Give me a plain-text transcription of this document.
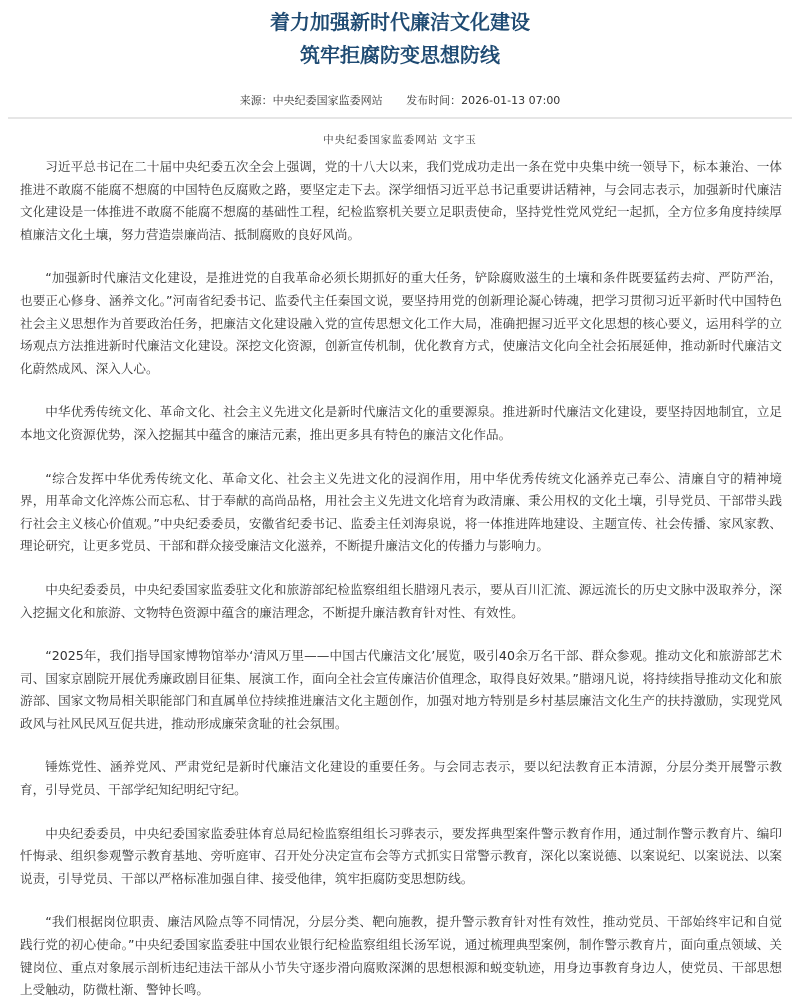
着力加强新时代廉洁文化建设
筑牢拒腐防变思想防线
来源：中央纪委国家监委网站 发布时间：2026-01-13 07:00
中央纪委国家监委网站 文宇玉

习近平总书记在二十届中央纪委五次全会上强调，党的十八大以来，我们党成功走出一条在党中央集中统一领导下，标本兼治、一体推进不敢腐不能腐不想腐的中国特色反腐败之路，要坚定走下去。深学细悟习近平总书记重要讲话精神，与会同志表示，加强新时代廉洁文化建设是一体推进不敢腐不能腐不想腐的基础性工程，纪检监察机关要立足职责使命，坚持党性党风党纪一起抓，全方位多角度持续厚植廉洁文化土壤，努力营造崇廉尚洁、抵制腐败的良好风尚。

“加强新时代廉洁文化建设，是推进党的自我革命必须长期抓好的重大任务，铲除腐败滋生的土壤和条件既要猛药去疴、严防严治，也要正心修身、涵养文化。”河南省纪委书记、监委代主任秦国文说，要坚持用党的创新理论凝心铸魂，把学习贯彻习近平新时代中国特色社会主义思想作为首要政治任务，把廉洁文化建设融入党的宣传思想文化工作大局，准确把握习近平文化思想的核心要义，运用科学的立场观点方法推进新时代廉洁文化建设。深挖文化资源，创新宣传机制，优化教育方式，使廉洁文化向全社会拓展延伸，推动新时代廉洁文化蔚然成风、深入人心。

中华优秀传统文化、革命文化、社会主义先进文化是新时代廉洁文化的重要源泉。推进新时代廉洁文化建设，要坚持因地制宜，立足本地文化资源优势，深入挖掘其中蕴含的廉洁元素，推出更多具有特色的廉洁文化作品。

“综合发挥中华优秀传统文化、革命文化、社会主义先进文化的浸润作用，用中华优秀传统文化涵养克己奉公、清廉自守的精神境界，用革命文化淬炼公而忘私、甘于奉献的高尚品格，用社会主义先进文化培育为政清廉、秉公用权的文化土壤，引导党员、干部带头践行社会主义核心价值观。”中央纪委委员，安徽省纪委书记、监委主任刘海泉说，将一体推进阵地建设、主题宣传、社会传播、家风家教、理论研究，让更多党员、干部和群众接受廉洁文化滋养，不断提升廉洁文化的传播力与影响力。

中央纪委委员，中央纪委国家监委驻文化和旅游部纪检监察组组长腊翊凡表示，要从百川汇流、源远流长的历史文脉中汲取养分，深入挖掘文化和旅游、文物特色资源中蕴含的廉洁理念，不断提升廉洁教育针对性、有效性。

“2025年，我们指导国家博物馆举办‘清风万里——中国古代廉洁文化’展览，吸引40余万名干部、群众参观。推动文化和旅游部艺术司、国家京剧院开展优秀廉政剧目征集、展演工作，面向全社会宣传廉洁价值理念，取得良好效果。”腊翊凡说，将持续指导推动文化和旅游部、国家文物局相关职能部门和直属单位持续推进廉洁文化主题创作，加强对地方特别是乡村基层廉洁文化生产的扶持激励，实现党风政风与社风民风互促共进，推动形成廉荣贪耻的社会氛围。

锤炼党性、涵养党风、严肃党纪是新时代廉洁文化建设的重要任务。与会同志表示，要以纪法教育正本清源，分层分类开展警示教育，引导党员、干部学纪知纪明纪守纪。

中央纪委委员，中央纪委国家监委驻体育总局纪检监察组组长习骅表示，要发挥典型案件警示教育作用，通过制作警示教育片、编印忏悔录、组织参观警示教育基地、旁听庭审、召开处分决定宣布会等方式抓实日常警示教育，深化以案说德、以案说纪、以案说法、以案说责，引导党员、干部以严格标准加强自律、接受他律，筑牢拒腐防变思想防线。

“我们根据岗位职责、廉洁风险点等不同情况，分层分类、靶向施教，提升警示教育针对性有效性，推动党员、干部始终牢记和自觉践行党的初心使命。”中央纪委国家监委驻中国农业银行纪检监察组组长汤军说，通过梳理典型案例，制作警示教育片，面向重点领域、关键岗位、重点对象展示剖析违纪违法干部从小节失守逐步滑向腐败深渊的思想根源和蜕变轨迹，用身边事教育身边人，使党员、干部思想上受触动，防微杜渐、警钟长鸣。
